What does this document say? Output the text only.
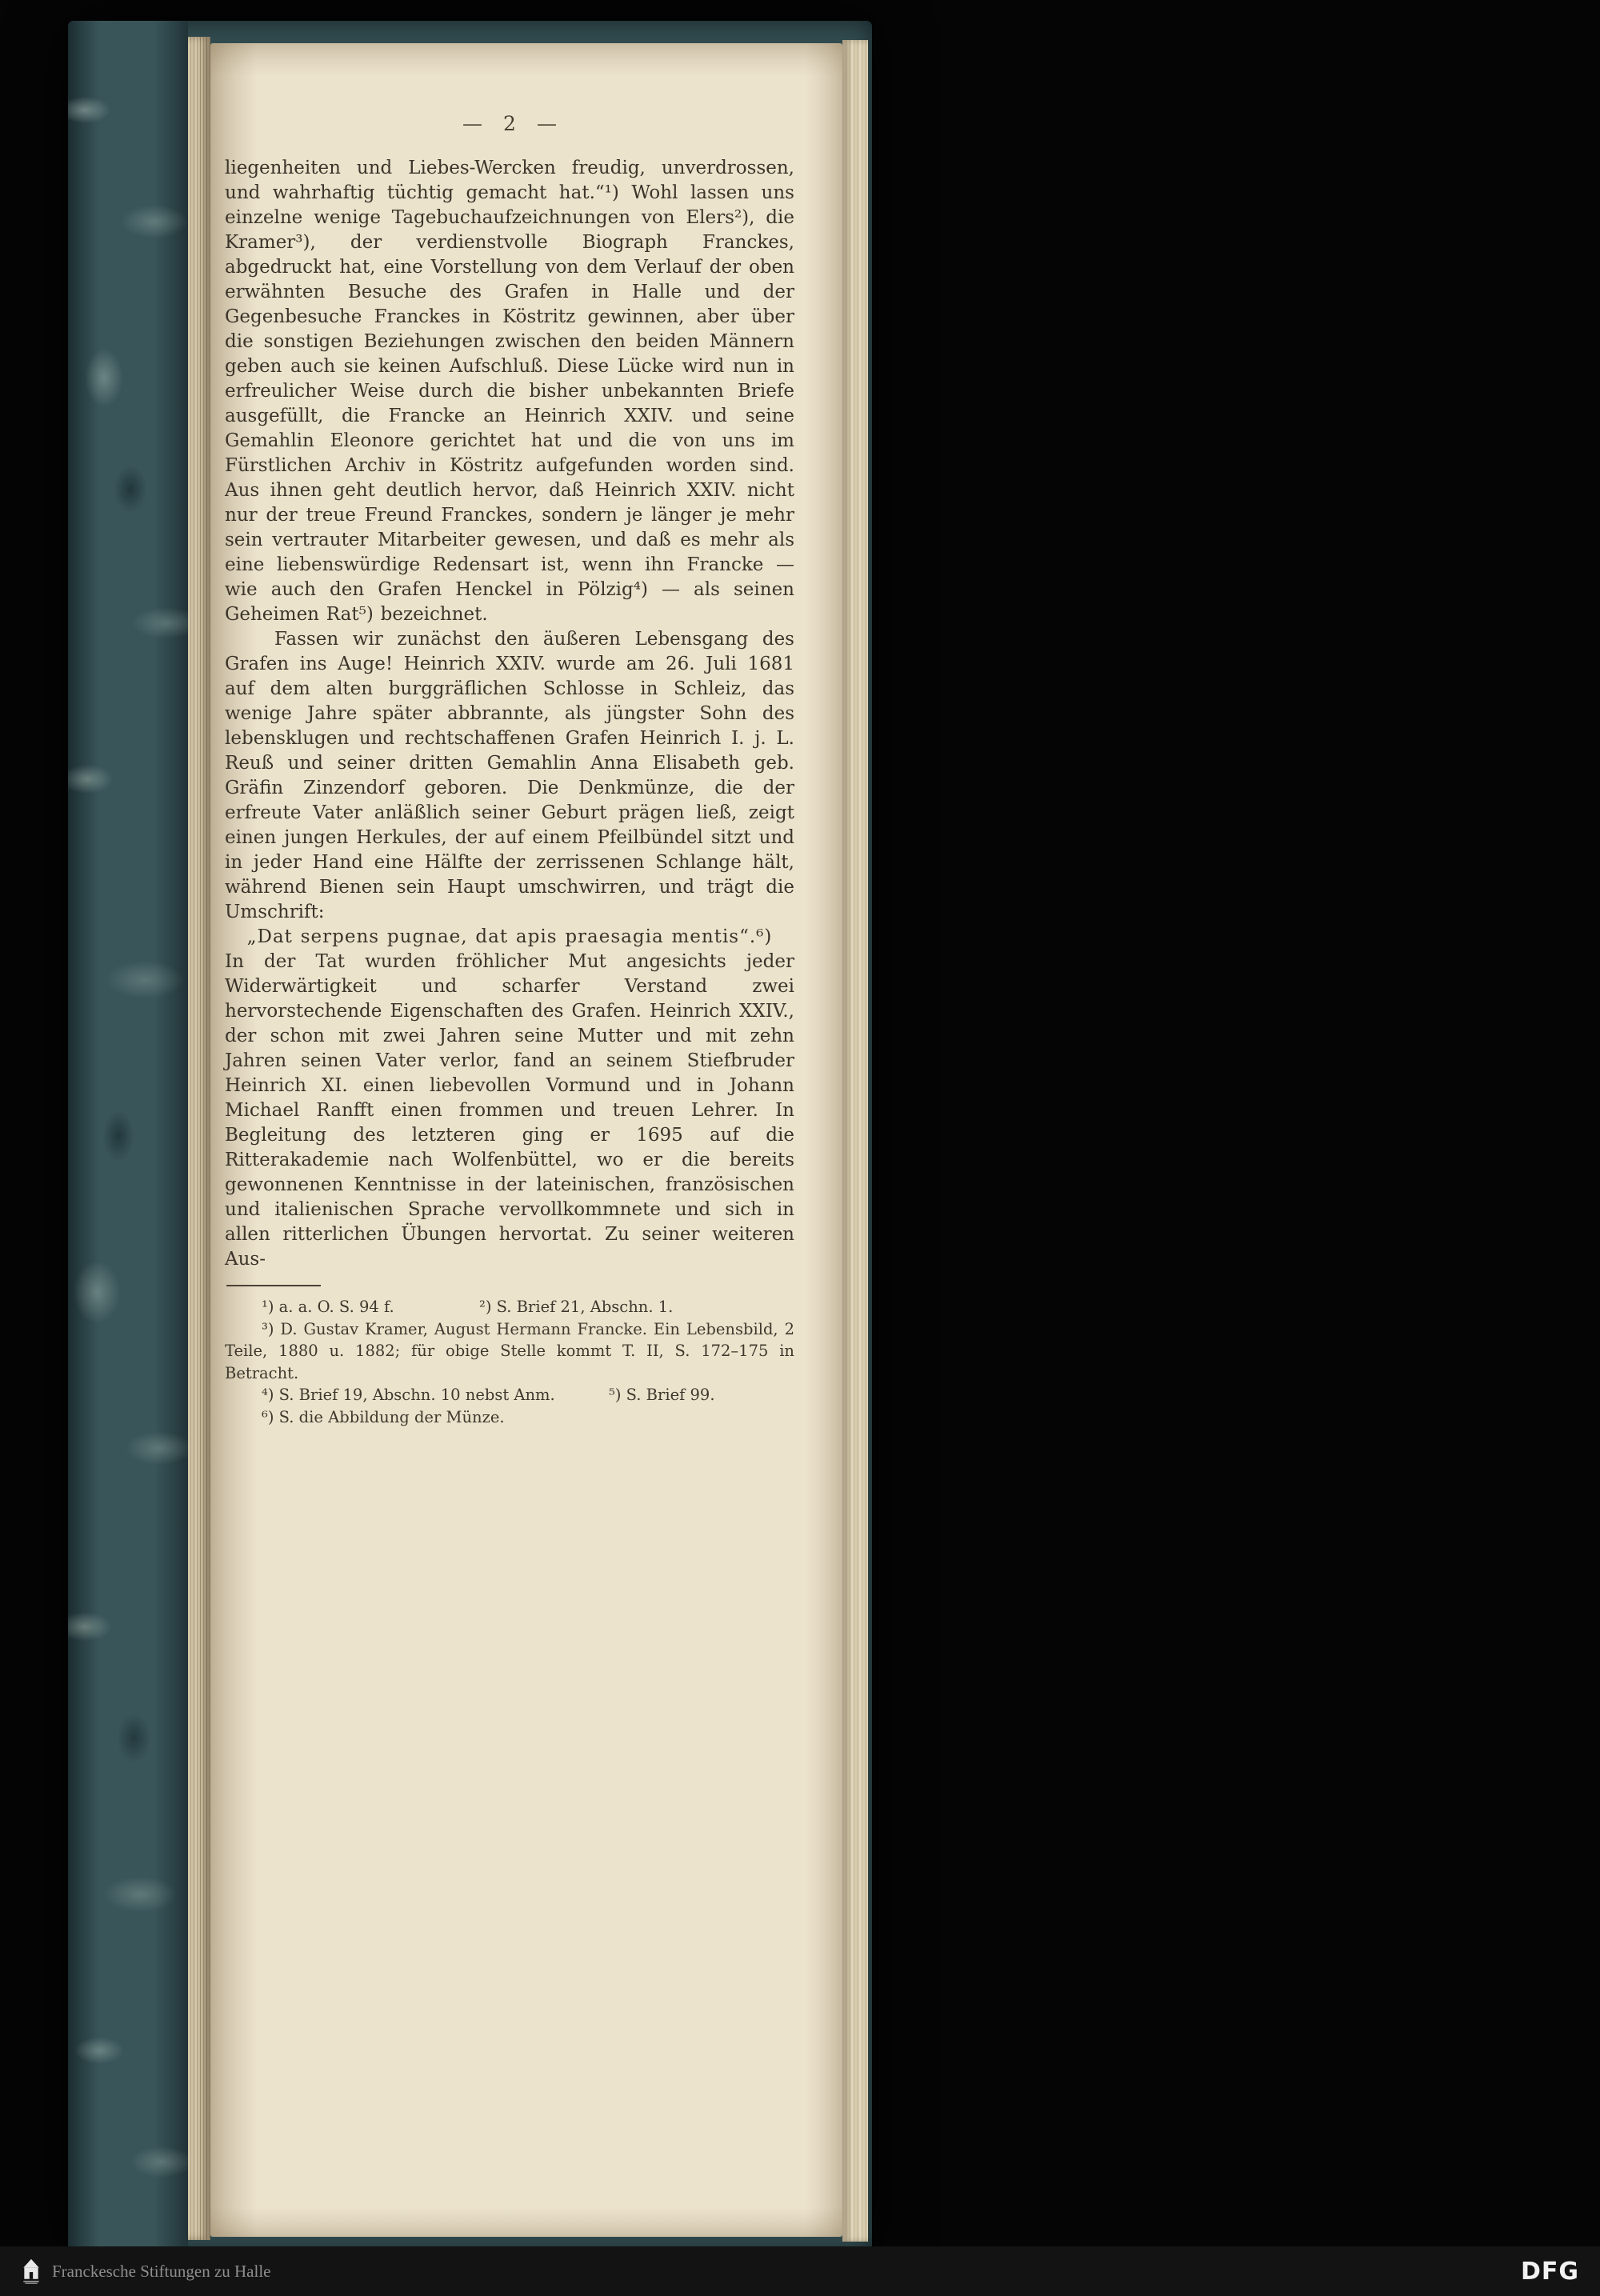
— 2 —

liegenheiten und Liebes-Wercken freudig, unverdrossen, und wahrhaftig tüchtig gemacht hat.“¹) Wohl lassen uns einzelne wenige Tagebuchaufzeichnungen von Elers²), die Kramer³), der verdienstvolle Biograph Franckes, abgedruckt hat, eine Vorstellung von dem Verlauf der oben erwähnten Besuche des Grafen in Halle und der Gegenbesuche Franckes in Köstritz gewinnen, aber über die sonstigen Beziehungen zwischen den beiden Männern geben auch sie keinen Aufschluß. Diese Lücke wird nun in erfreulicher Weise durch die bisher unbekannten Briefe ausgefüllt, die Francke an Heinrich XXIV. und seine Gemahlin Eleonore gerichtet hat und die von uns im Fürstlichen Archiv in Köstritz aufgefunden worden sind. Aus ihnen geht deutlich hervor, daß Heinrich XXIV. nicht nur der treue Freund Franckes, sondern je länger je mehr sein vertrauter Mitarbeiter gewesen, und daß es mehr als eine liebenswürdige Redensart ist, wenn ihn Francke — wie auch den Grafen Henckel in Pölzig⁴) — als seinen Geheimen Rat⁵) bezeichnet.

Fassen wir zunächst den äußeren Lebensgang des Grafen ins Auge! Heinrich XXIV. wurde am 26. Juli 1681 auf dem alten burggräflichen Schlosse in Schleiz, das wenige Jahre später abbrannte, als jüngster Sohn des lebensklugen und rechtschaffenen Grafen Heinrich I. j. L. Reuß und seiner dritten Gemahlin Anna Elisabeth geb. Gräfin Zinzendorf geboren. Die Denkmünze, die der erfreute Vater anläßlich seiner Geburt prägen ließ, zeigt einen jungen Herkules, der auf einem Pfeilbündel sitzt und in jeder Hand eine Hälfte der zerrissenen Schlange hält, während Bienen sein Haupt umschwirren, und trägt die Umschrift:

„Dat serpens pugnae, dat apis praesagia mentis“.⁶)

In der Tat wurden fröhlicher Mut angesichts jeder Widerwärtigkeit und scharfer Verstand zwei hervorstechende Eigenschaften des Grafen. Heinrich XXIV., der schon mit zwei Jahren seine Mutter und mit zehn Jahren seinen Vater verlor, fand an seinem Stiefbruder Heinrich XI. einen liebevollen Vormund und in Johann Michael Ranfft einen frommen und treuen Lehrer. In Begleitung des letzteren ging er 1695 auf die Ritterakademie nach Wolfenbüttel, wo er die bereits gewonnenen Kenntnisse in der lateinischen, französischen und italienischen Sprache vervollkommnete und sich in allen ritterlichen Übungen hervortat. Zu seiner weiteren Aus-

¹) a. a. O. S. 94 f.	²) S. Brief 21, Abschn. 1.

³) D. Gustav Kramer, August Hermann Francke. Ein Lebensbild, 2 Teile, 1880 u. 1882; für obige Stelle kommt T. II, S. 172–175 in Betracht.

⁴) S. Brief 19, Abschn. 10 nebst Anm.	⁵) S. Brief 99.
⁶) S. die Abbildung der Münze.
Franckesche Stiftungen zu Halle	DFG
